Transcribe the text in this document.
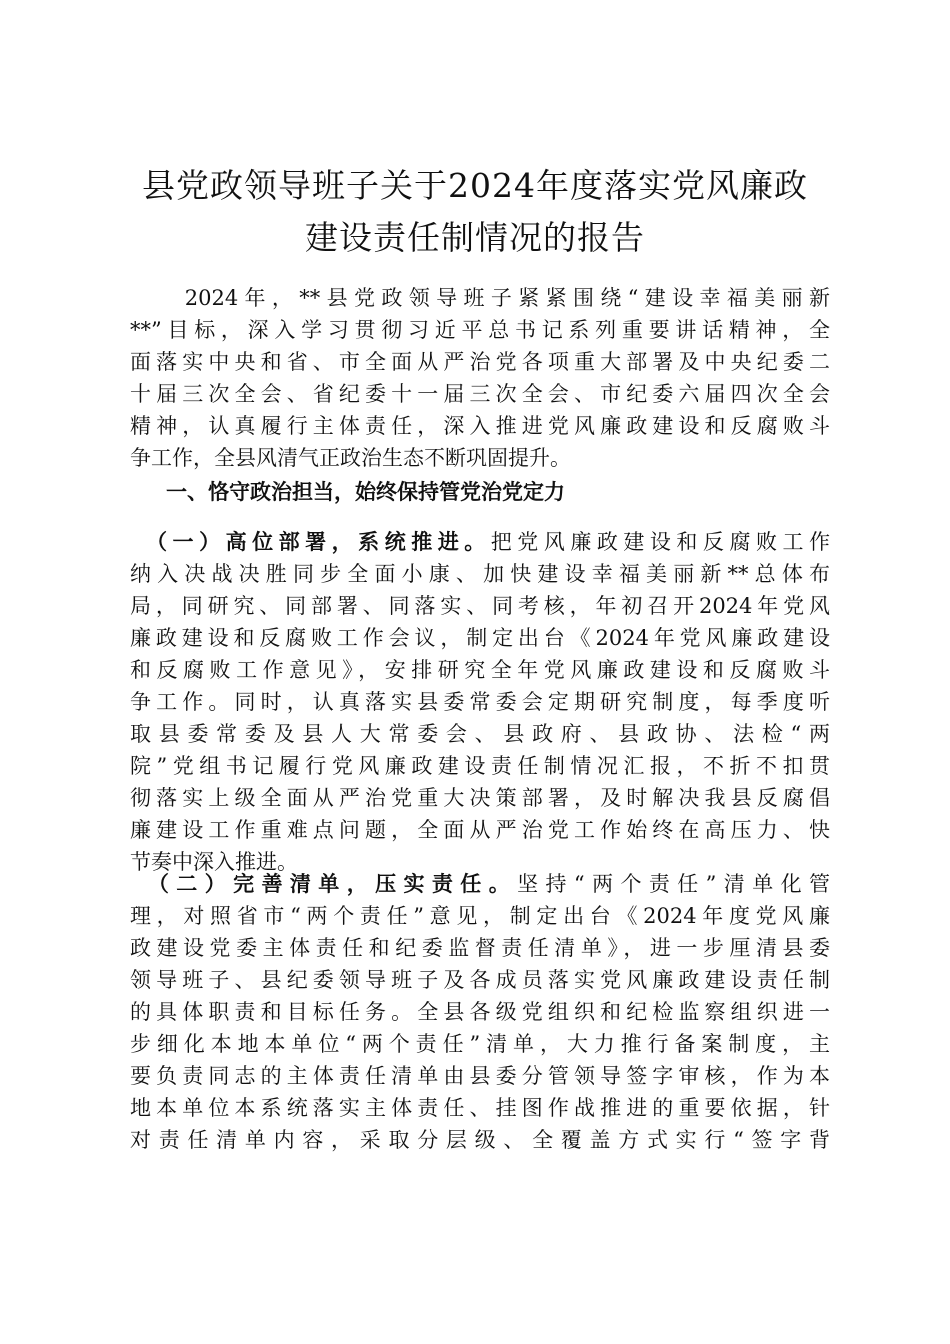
县党政领导班子关于2024年度落实党风廉政
建设责任制情况的报告
　　2024年，**县党政领导班子紧紧围绕“建设幸福美丽新
**”目标，深入学习贯彻习近平总书记系列重要讲话精神，全
面落实中央和省、市全面从严治党各项重大部署及中央纪委二
十届三次全会、省纪委十一届三次全会、市纪委六届四次全会
精神，认真履行主体责任，深入推进党风廉政建设和反腐败斗
争工作，全县风清气正政治生态不断巩固提升。
一、恪守政治担当，始终保持管党治党定力
　（一）高位部署，系统推进。把党风廉政建设和反腐败工作
纳入决战决胜同步全面小康、加快建设幸福美丽新**总体布
局，同研究、同部署、同落实、同考核，年初召开2024年党风
廉政建设和反腐败工作会议，制定出台《2024年党风廉政建设
和反腐败工作意见》，安排研究全年党风廉政建设和反腐败斗
争工作。同时，认真落实县委常委会定期研究制度，每季度听
取县委常委及县人大常委会、县政府、县政协、法检“两
院”党组书记履行党风廉政建设责任制情况汇报，不折不扣贯
彻落实上级全面从严治党重大决策部署，及时解决我县反腐倡
廉建设工作重难点问题，全面从严治党工作始终在高压力、快
节奏中深入推进。
　（二）完善清单，压实责任。坚持“两个责任”清单化管
理，对照省市“两个责任”意见，制定出台《2024年度党风廉
政建设党委主体责任和纪委监督责任清单》，进一步厘清县委
领导班子、县纪委领导班子及各成员落实党风廉政建设责任制
的具体职责和目标任务。全县各级党组织和纪检监察组织进一
步细化本地本单位“两个责任”清单，大力推行备案制度，主
要负责同志的主体责任清单由县委分管领导签字审核，作为本
地本单位本系统落实主体责任、挂图作战推进的重要依据，针
对责任清单内容，采取分层级、全覆盖方式实行“签字背
